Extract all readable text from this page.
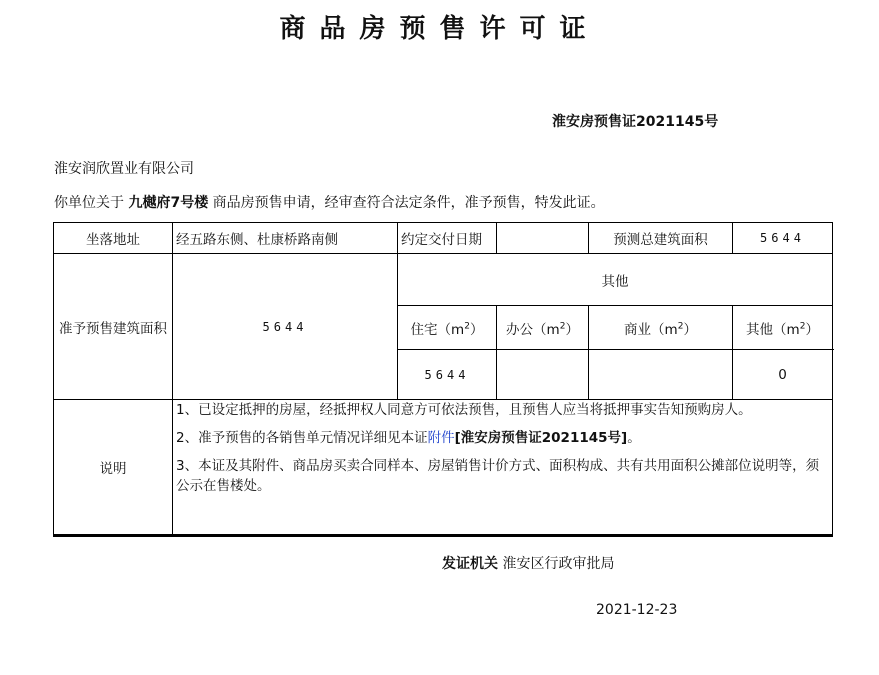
商品房预售许可证
淮安房预售证2021145号
淮安润欣置业有限公司
你单位关于 九樾府7号楼 商品房预售申请，经审查符合法定条件，准予预售，特发此证。
坐落地址	经五路东侧、杜康桥路南侧	约定交付日期		预测总建筑面积	5644
准予预售建筑面积	5644	其他			
		住宅$(m^2)$	办公$(m^2)$	商业$(m^2)$	其他$(m^2)$
		5644			0
说明	1、已设定抵押的房屋，经抵押权人同意方可依法预售，且预售人应当将抵押事实告知预购房人。

2、准予预售的各销售单元情况详细见本证附件[淮安房预售证2021145号]。

3、本证及其附件、商品房买卖合同样本、房屋销售计价方式、面积构成、共有共用面积公摊部位说明等，须公示在售楼处。				

发证机关 淮安区行政审批局
2021-12-23
